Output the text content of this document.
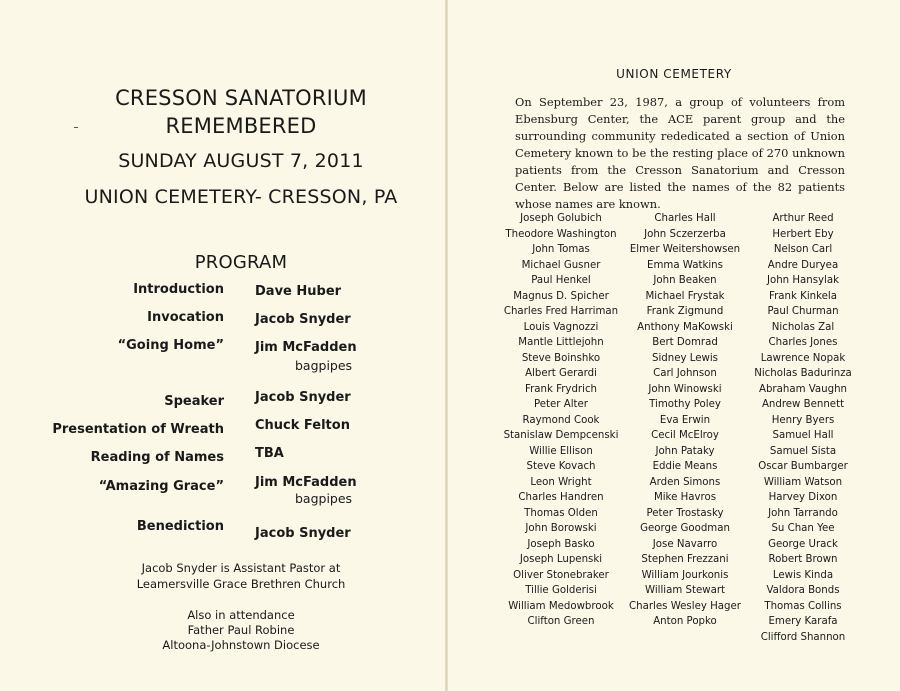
CRESSON SANATORIUM
REMEMBERED
SUNDAY AUGUST 7, 2011
UNION CEMETERY- CRESSON, PA
PROGRAM
Introduction Dave Huber
Invocation Jacob Snyder
“Going Home” Jim McFadden
bagpipes
Speaker Jacob Snyder
Presentation of Wreath Chuck Felton
Reading of Names TBA
“Amazing Grace” Jim McFadden
bagpipes
Benediction Jacob Snyder
Jacob Snyder is Assistant Pastor at
Leamersville Grace Brethren Church
Also in attendance
Father Paul Robine
Altoona-Johnstown Diocese
UNION CEMETERY
On September 23, 1987, a group of volunteers from Ebensburg Center, the ACE parent group and the surrounding community rededicated a section of Union Cemetery known to be the resting place of 270 unknown patients from the Cresson Sanatorium and Cresson Center. Below are listed the names of the 82 patients whose names are known.
Joseph Golubich
Theodore Washington
John Tomas
Michael Gusner
Paul Henkel
Magnus D. Spicher
Charles Fred Harriman
Louis Vagnozzi
Mantle Littlejohn
Steve Boinshko
Albert Gerardi
Frank Frydrich
Peter Alter
Raymond Cook
Stanislaw Dempcenski
Willie Ellison
Steve Kovach
Leon Wright
Charles Handren
Thomas Olden
John Borowski
Joseph Basko
Joseph Lupenski
Oliver Stonebraker
Tillie Golderisi
William Medowbrook
Clifton Green
Charles Hall
John Sczerzerba
Elmer Weitershowsen
Emma Watkins
John Beaken
Michael Frystak
Frank Zigmund
Anthony MaKowski
Bert Domrad
Sidney Lewis
Carl Johnson
John Winowski
Timothy Poley
Eva Erwin
Cecil McElroy
John Pataky
Eddie Means
Arden Simons
Mike Havros
Peter Trostasky
George Goodman
Jose Navarro
Stephen Frezzani
William Jourkonis
William Stewart
Charles Wesley Hager
Anton Popko
Arthur Reed
Herbert Eby
Nelson Carl
Andre Duryea
John Hansylak
Frank Kinkela
Paul Churman
Nicholas Zal
Charles Jones
Lawrence Nopak
Nicholas Badurinza
Abraham Vaughn
Andrew Bennett
Henry Byers
Samuel Hall
Samuel Sista
Oscar Bumbarger
William Watson
Harvey Dixon
John Tarrando
Su Chan Yee
George Urack
Robert Brown
Lewis Kinda
Valdora Bonds
Thomas Collins
Emery Karafa
Clifford Shannon
